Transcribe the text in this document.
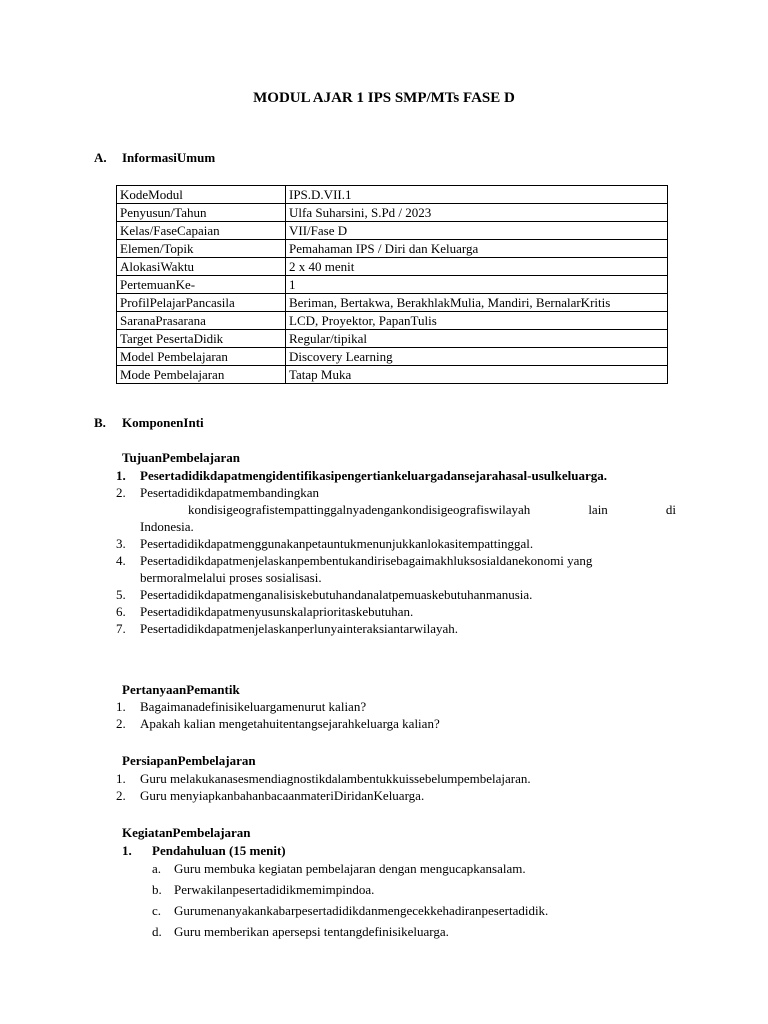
MODUL AJAR 1 IPS SMP/MTs FASE D
A. InformasiUmum
KodeModul	IPS.D.VII.1
Penyusun/Tahun	Ulfa Suharsini, S.Pd / 2023
Kelas/FaseCapaian	VII/Fase D
Elemen/Topik	Pemahaman IPS / Diri dan Keluarga
AlokasiWaktu	2 x 40 menit
PertemuanKe-	1
ProfilPelajarPancasila	Beriman, Bertakwa, BerakhlakMulia, Mandiri, BernalarKritis
SaranaPrasarana	LCD, Proyektor, PapanTulis
Target PesertaDidik	Regular/tipikal
Model Pembelajaran	Discovery Learning
Mode Pembelajaran	Tatap Muka
B. KomponenInti
TujuanPembelajaran
1. Pesertadidikdapatmengidentifikasipengertiankeluargadansejarahasal-usulkeluarga.
2. Pesertadidikdapatmembandingkan
kondisigeografistempattinggalnyadengankondisigeografiswilayah	lain	di
Indonesia.
3. Pesertadidikdapatmenggunakanpetauntukmenunjukkanlokasitempattinggal.
4. Pesertadidikdapatmenjelaskanpembentukandirisebagaimakhluksosialdanekonomi yang bermoralmelalui proses sosialisasi.
5. Pesertadidikdapatmenganalisiskebutuhandanalatpemuaskebutuhanmanusia.
6. Pesertadidikdapatmenyusunskalaprioritaskebutuhan.
7. Pesertadidikdapatmenjelaskanperlunyainteraksiantarwilayah.
PertanyaanPemantik
1. Bagaimanadefinisikeluargamenurut kalian?
2. Apakah kalian mengetahuitentangsejarahkeluarga kalian?
PersiapanPembelajaran
1. Guru melakukanasesmendiagnostikdalambentukkuissebelumpembelajaran.
2. Guru menyiapkanbahanbacaanmateriDiridanKeluarga.
KegiatanPembelajaran
1. Pendahuluan (15 menit)
a. Guru membuka kegiatan pembelajaran dengan mengucapkansalam.
b. Perwakilanpesertadidikmemimpindoa.
c. Gurumenanyakankabarpesertadidikdanmengecekkehadiranpesertadidik.
d. Guru memberikan apersepsi tentangdefinisikeluarga.
